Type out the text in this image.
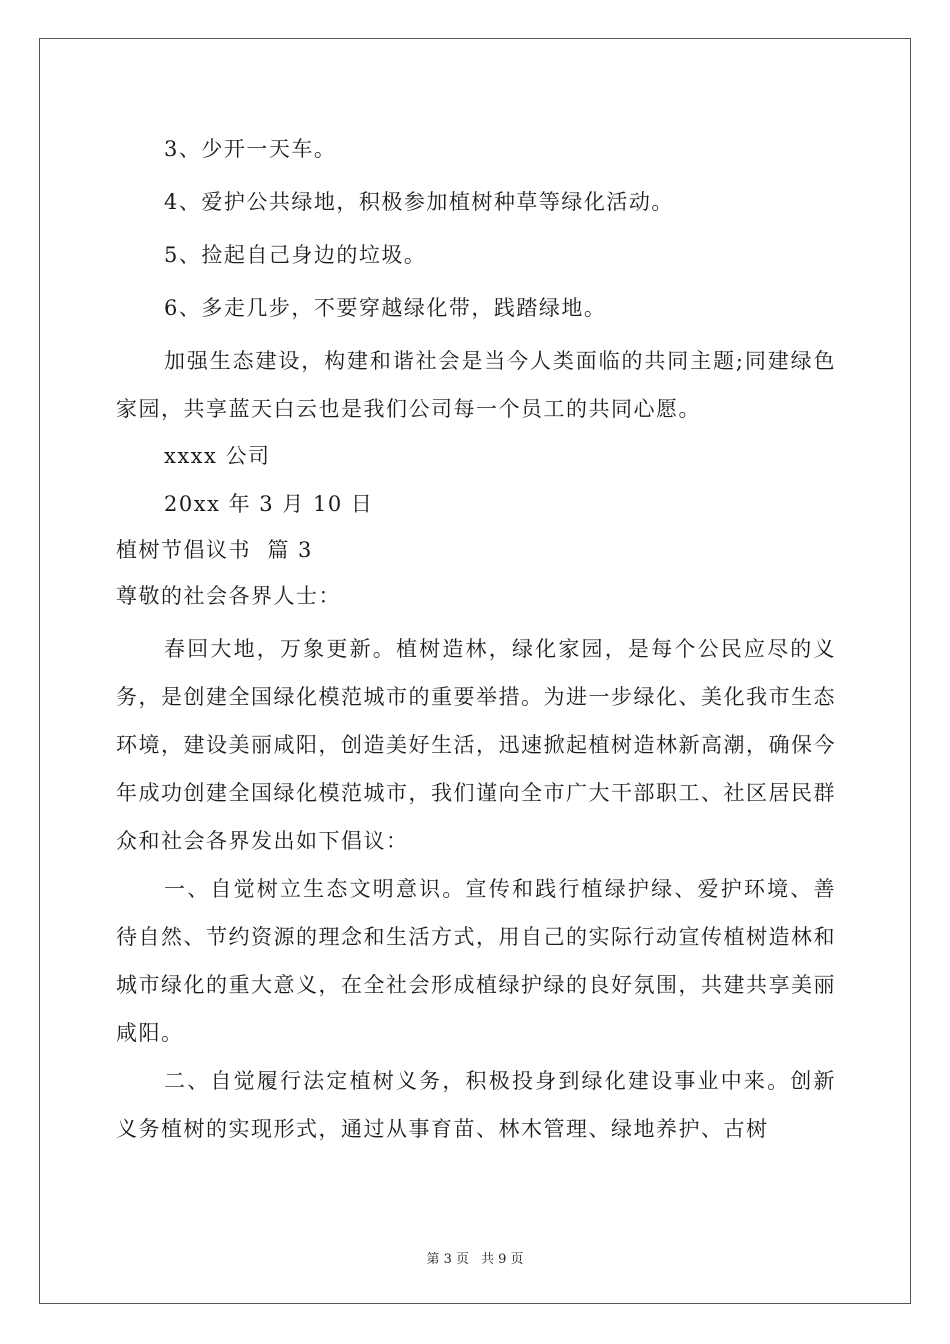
3、少开一天车。
4、爱护公共绿地，积极参加植树种草等绿化活动。
5、捡起自己身边的垃圾。
6、多走几步，不要穿越绿化带，践踏绿地。
加强生态建设，构建和谐社会是当今人类面临的共同主题;同建绿色家园，共享蓝天白云也是我们公司每一个员工的共同心愿。
xxxx 公司
20xx 年 3 月 10 日
植树节倡议书  篇 3
尊敬的社会各界人士：
春回大地，万象更新。植树造林，绿化家园，是每个公民应尽的义务，是创建全国绿化模范城市的重要举措。为进一步绿化、美化我市生态环境，建设美丽咸阳，创造美好生活，迅速掀起植树造林新高潮，确保今年成功创建全国绿化模范城市，我们谨向全市广大干部职工、社区居民群众和社会各界发出如下倡议：
一、自觉树立生态文明意识。宣传和践行植绿护绿、爱护环境、善待自然、节约资源的理念和生活方式，用自己的实际行动宣传植树造林和城市绿化的重大意义，在全社会形成植绿护绿的良好氛围，共建共享美丽咸阳。
二、自觉履行法定植树义务，积极投身到绿化建设事业中来。创新义务植树的实现形式，通过从事育苗、林木管理、绿地养护、古树
第 3 页 共 9 页
